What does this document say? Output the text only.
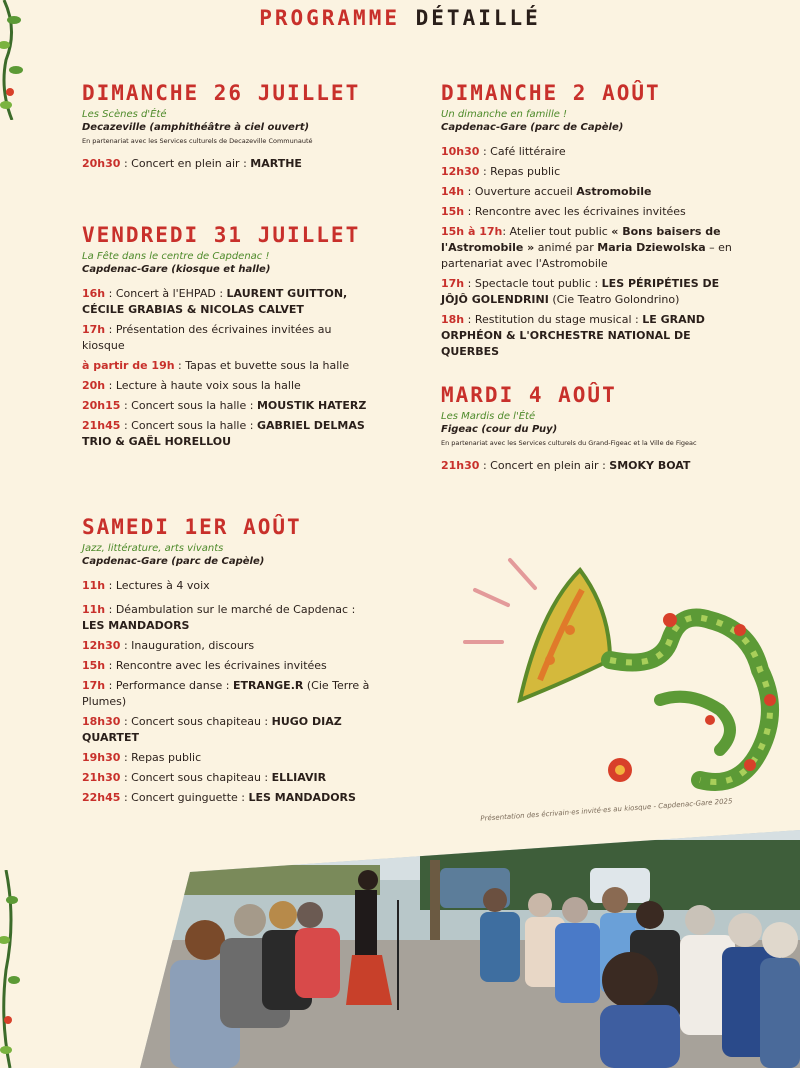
PROGRAMME DÉTAILLÉ
DIMANCHE 26 JUILLET
Les Scènes d'Été
Decazeville (amphithéâtre à ciel ouvert)
En partenariat avec les Services culturels de Decazeville Communauté
20h30 : Concert en plein air : MARTHE
VENDREDI 31 JUILLET
La Fête dans le centre de Capdenac !
Capdenac-Gare (kiosque et halle)
16h : Concert à l'EHPAD : LAURENT GUITTON, CÉCILE GRABIAS & NICOLAS CALVET
17h : Présentation des écrivaines invitées au kiosque
à partir de 19h : Tapas et buvette sous la halle
20h : Lecture à haute voix sous la halle
20h15 : Concert sous la halle : MOUSTIK HATERZ
21h45 : Concert sous la halle : GABRIEL DELMAS TRIO & GAËL HORELLOU
SAMEDI 1ER AOÛT
Jazz, littérature, arts vivants
Capdenac-Gare (parc de Capèle)
11h : Lectures à 4 voix
11h : Déambulation sur le marché de Capdenac : LES MANDADORS
12h30 : Inauguration, discours
15h : Rencontre avec les écrivaines invitées
17h : Performance danse : ETRANGE.R (Cie Terre à Plumes)
18h30 : Concert sous chapiteau : HUGO DIAZ QUARTET
19h30 : Repas public
21h30 : Concert sous chapiteau : ELLIAVIR
22h45 : Concert guinguette : LES MANDADORS
DIMANCHE 2 AOÛT
Un dimanche en famille !
Capdenac-Gare (parc de Capèle)
10h30 : Café littéraire
12h30 : Repas public
14h : Ouverture accueil Astromobile
15h : Rencontre avec les écrivaines invitées
15h à 17h: Atelier tout public « Bons baisers de l'Astromobile » animé par Maria Dziewolska – en partenariat avec l'Astromobile
17h : Spectacle tout public : LES PÉRIPÉTIES DE JÔJÔ GOLENDRINI (Cie Teatro Golondrino)
18h : Restitution du stage musical : LE GRAND ORPHÉON & L'ORCHESTRE NATIONAL DE QUERBES
MARDI 4 AOÛT
Les Mardis de l'Été
Figeac (cour du Puy)
En partenariat avec les Services culturels du Grand-Figeac et la Ville de Figeac
21h30 : Concert en plein air : SMOKY BOAT
Présentation des écrivain·es invité·es au kiosque - Capdenac-Gare 2025
